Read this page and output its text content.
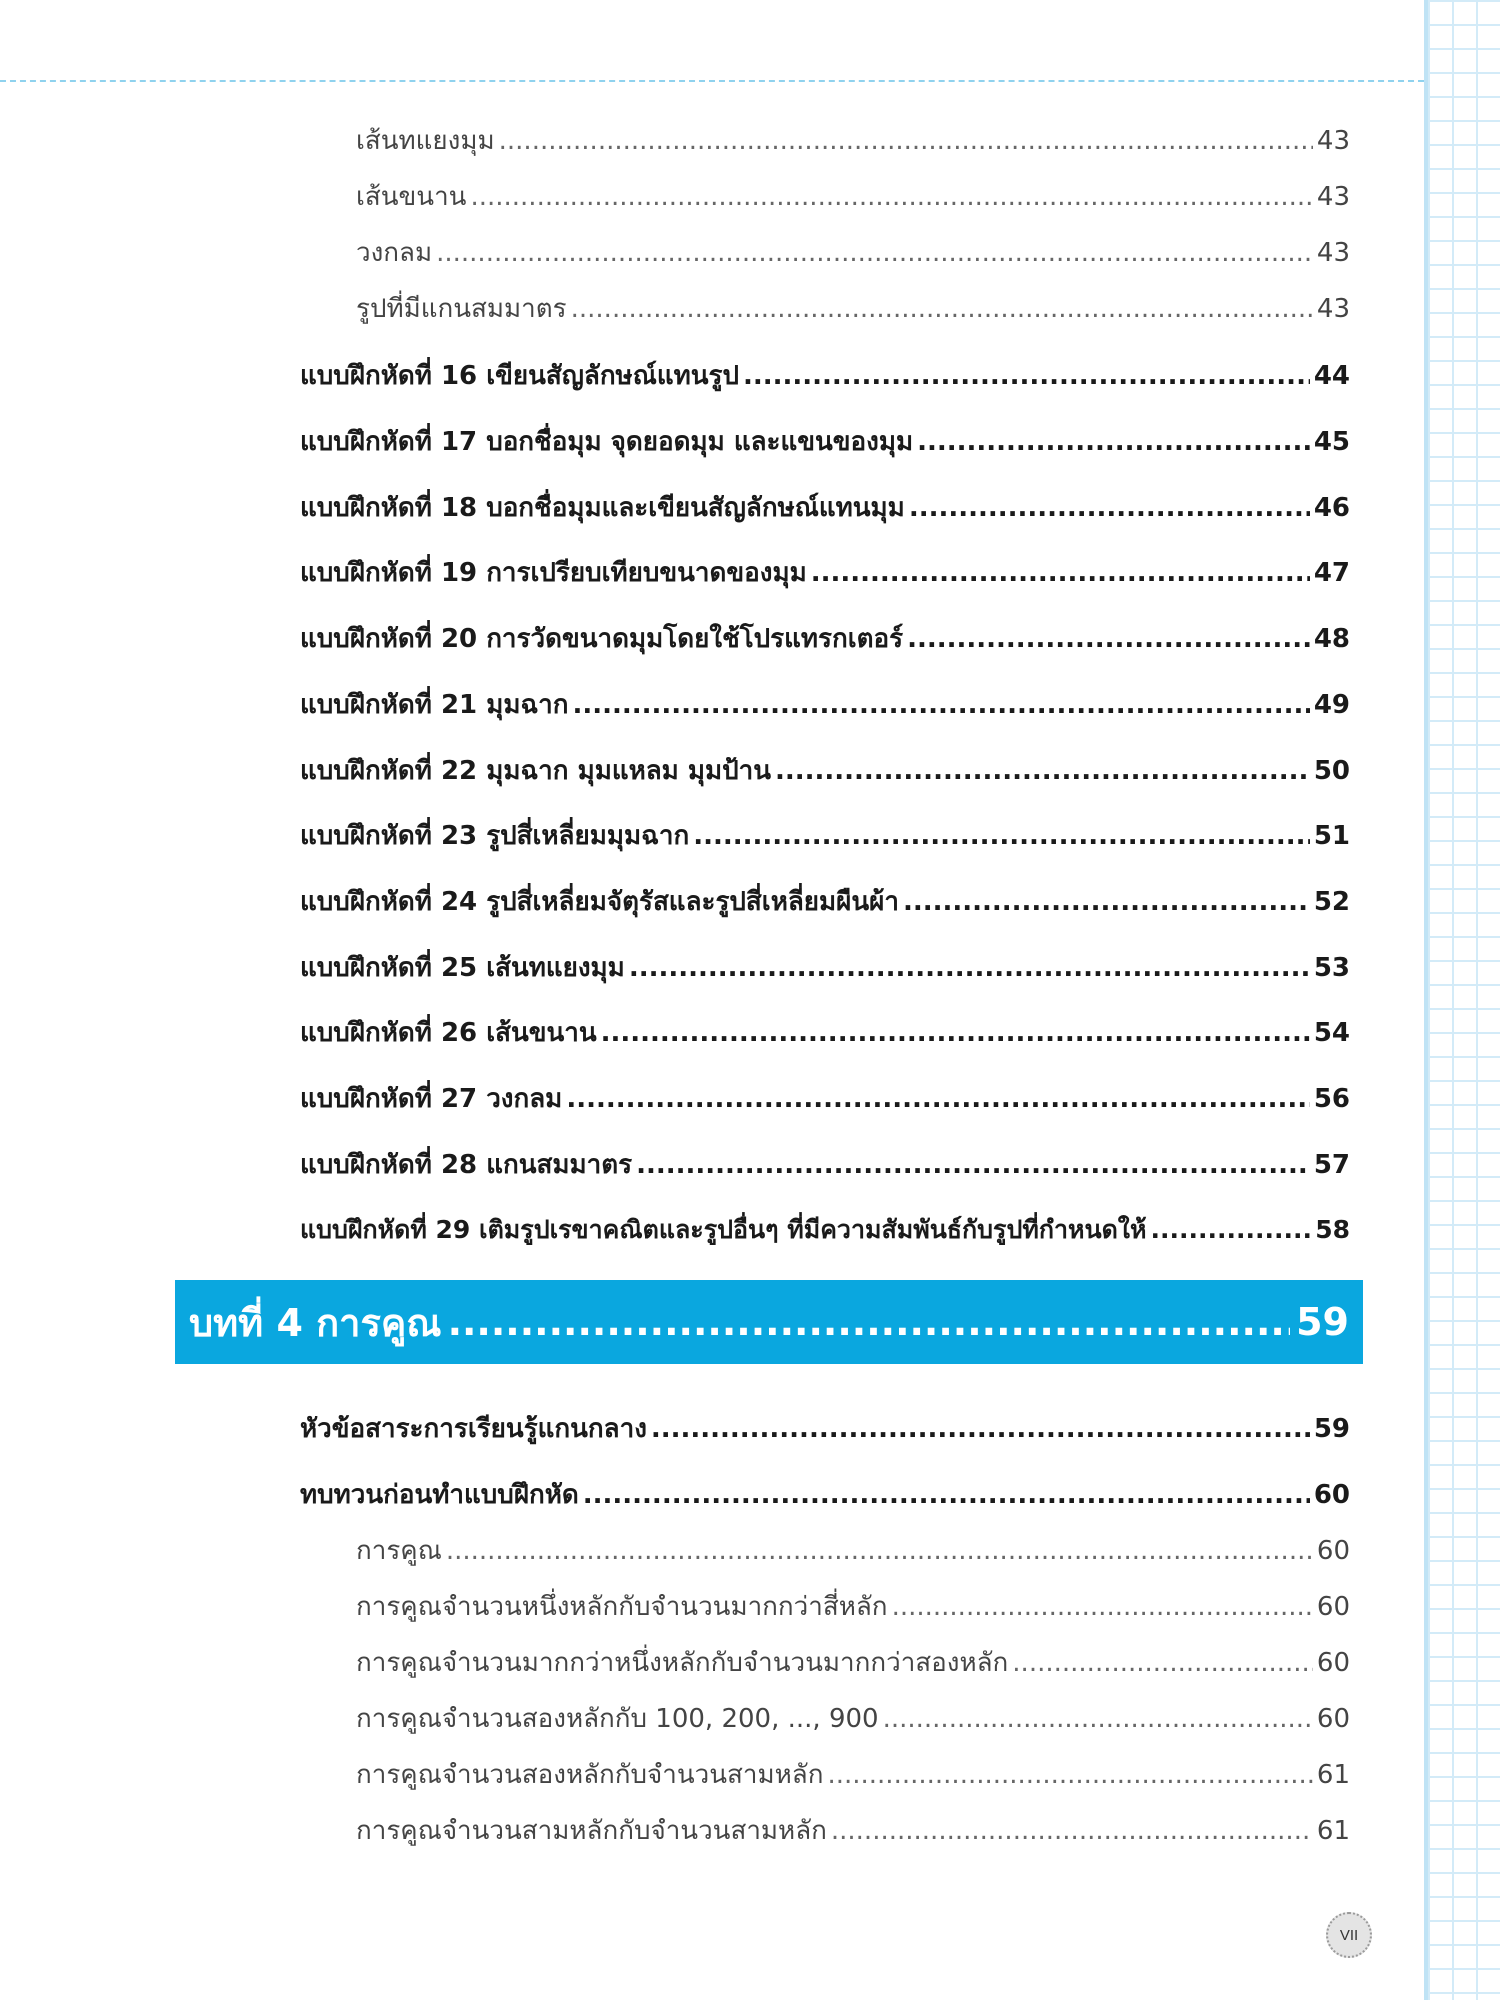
เส้นทแยงมุม .....	43
เส้นขนาน .....	43
วงกลม .....	43
รูปที่มีแกนสมมาตร .....	43
แบบฝึกหัดที่ 16 เขียนสัญลักษณ์แทนรูป .....	44
แบบฝึกหัดที่ 17 บอกชื่อมุม จุดยอดมุม และแขนของมุม .....	45
แบบฝึกหัดที่ 18 บอกชื่อมุมและเขียนสัญลักษณ์แทนมุม .....	46
แบบฝึกหัดที่ 19 การเปรียบเทียบขนาดของมุม .....	47
แบบฝึกหัดที่ 20 การวัดขนาดมุมโดยใช้โปรแทรกเตอร์ .....	48
แบบฝึกหัดที่ 21 มุมฉาก .....	49
แบบฝึกหัดที่ 22 มุมฉาก มุมแหลม มุมป้าน .....	50
แบบฝึกหัดที่ 23 รูปสี่เหลี่ยมมุมฉาก .....	51
แบบฝึกหัดที่ 24 รูปสี่เหลี่ยมจัตุรัสและรูปสี่เหลี่ยมผืนผ้า .....	52
แบบฝึกหัดที่ 25 เส้นทแยงมุม .....	53
แบบฝึกหัดที่ 26 เส้นขนาน .....	54
แบบฝึกหัดที่ 27 วงกลม .....	56
แบบฝึกหัดที่ 28 แกนสมมาตร .....	57
แบบฝึกหัดที่ 29 เติมรูปเรขาคณิตและรูปอื่นๆ ที่มีความสัมพันธ์กับรูปที่กำหนดให้ .....	58
บทที่ 4 การคูณ .....	59
หัวข้อสาระการเรียนรู้แกนกลาง .....	59
ทบทวนก่อนทำแบบฝึกหัด .....	60
การคูณ .....	60
การคูณจำนวนหนึ่งหลักกับจำนวนมากกว่าสี่หลัก .....	60
การคูณจำนวนมากกว่าหนึ่งหลักกับจำนวนมากกว่าสองหลัก .....	60
การคูณจำนวนสองหลักกับ 100, 200, ..., 900 .....	60
การคูณจำนวนสองหลักกับจำนวนสามหลัก .....	61
การคูณจำนวนสามหลักกับจำนวนสามหลัก .....	61
VII
